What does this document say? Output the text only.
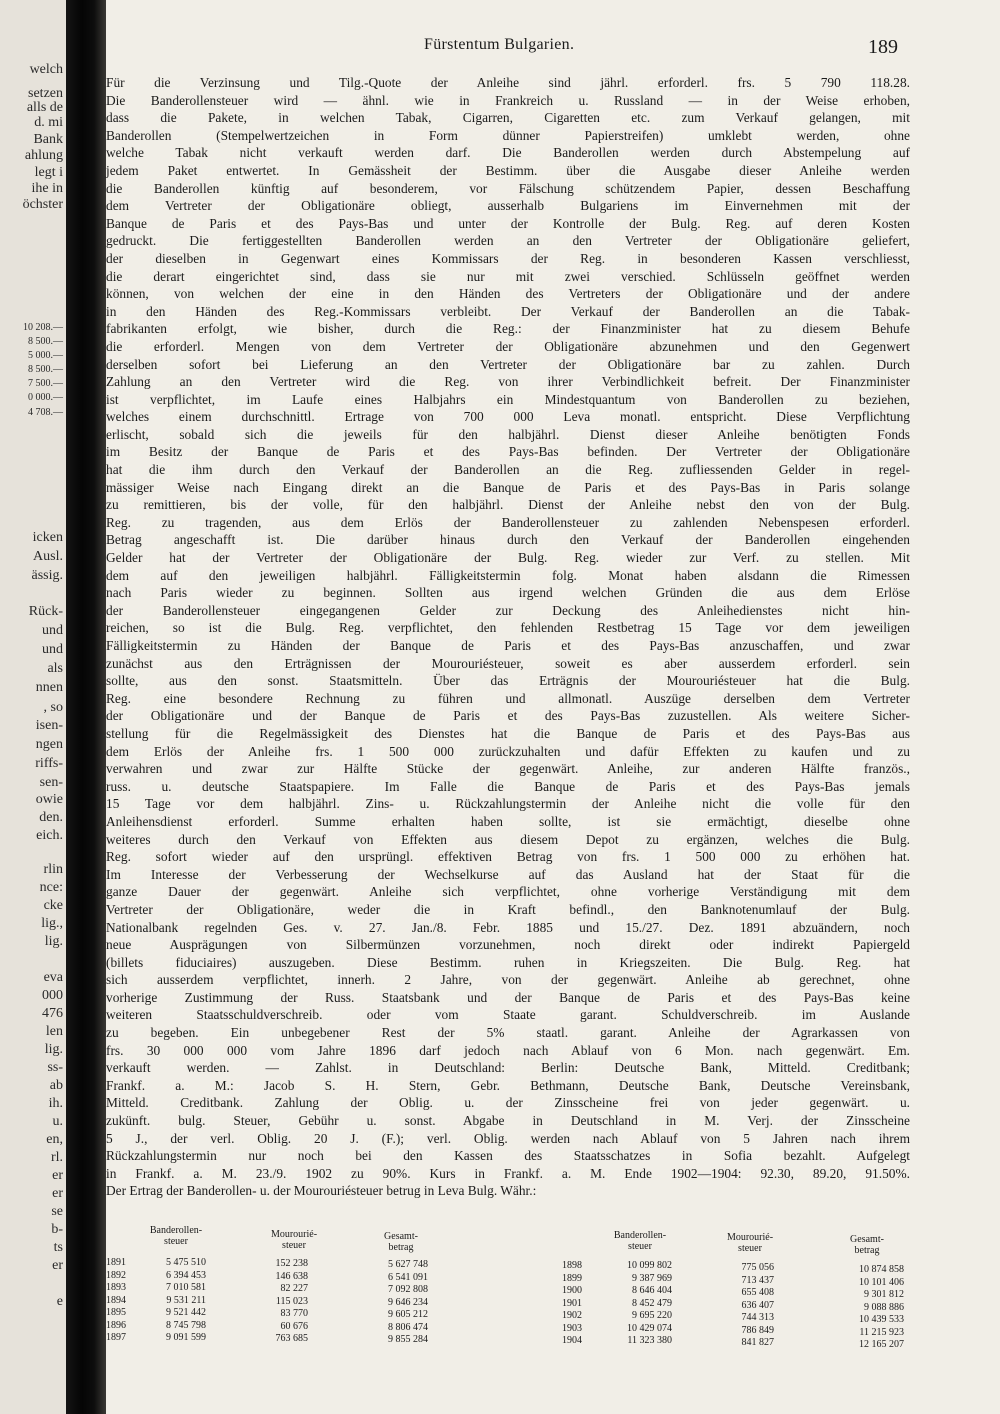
welch
setzen
alls de
d. mi
Bank
ahlung
legt i
ihe in
öchster
10 208.—
8 500.—
5 000.—
8 500.—
7 500.—
0 000.—
4 708.—
icken
Ausl.
ässig.
Rück-
und
und
als
nnen
, so
isen-
ngen
riffs-
sen-
owie
den.
eich.
rlin
nce:
cke
lig.,
lig.
eva
000
476
len
lig.
ss-
ab
ih.
u.
en,
rl.
er
er
se
b-
ts
er
e
Fürstentum Bulgarien.	189
Für die Verzinsung und Tilg.-Quote der Anleihe sind jährl. erforderl. frs. 5 790 118.28.
Die Banderollensteuer wird — ähnl. wie in Frankreich u. Russland — in der Weise erhoben,
dass die Pakete, in welchen Tabak, Cigarren, Cigaretten etc. zum Verkauf gelangen, mit
Banderollen (Stempelwertzeichen in Form dünner Papierstreifen) umklebt werden, ohne
welche Tabak nicht verkauft werden darf. Die Banderollen werden durch Abstempelung auf
jedem Paket entwertet. In Gemässheit der Bestimm. über die Ausgabe dieser Anleihe werden
die Banderollen künftig auf besonderem, vor Fälschung schützendem Papier, dessen Beschaffung
dem Vertreter der Obligationäre obliegt, ausserhalb Bulgariens im Einvernehmen mit der
Banque de Paris et des Pays-Bas und unter der Kontrolle der Bulg. Reg. auf deren Kosten
gedruckt. Die fertiggestellten Banderollen werden an den Vertreter der Obligationäre geliefert,
der dieselben in Gegenwart eines Kommissars der Reg. in besonderen Kassen verschliesst,
die derart eingerichtet sind, dass sie nur mit zwei verschied. Schlüsseln geöffnet werden
können, von welchen der eine in den Händen des Vertreters der Obligationäre und der andere
in den Händen des Reg.-Kommissars verbleibt. Der Verkauf der Banderollen an die Tabak-
fabrikanten erfolgt, wie bisher, durch die Reg.: der Finanzminister hat zu diesem Behufe
die erforderl. Mengen von dem Vertreter der Obligationäre abzunehmen und den Gegenwert
derselben sofort bei Lieferung an den Vertreter der Obligationäre bar zu zahlen. Durch
Zahlung an den Vertreter wird die Reg. von ihrer Verbindlichkeit befreit. Der Finanzminister
ist verpflichtet, im Laufe eines Halbjahrs ein Mindestquantum von Banderollen zu beziehen,
welches einem durchschnittl. Ertrage von 700 000 Leva monatl. entspricht. Diese Verpflichtung
erlischt, sobald sich die jeweils für den halbjährl. Dienst dieser Anleihe benötigten Fonds
im Besitz der Banque de Paris et des Pays-Bas befinden. Der Vertreter der Obligationäre
hat die ihm durch den Verkauf der Banderollen an die Reg. zufliessenden Gelder in regel-
mässiger Weise nach Eingang direkt an die Banque de Paris et des Pays-Bas in Paris solange
zu remittieren, bis der volle, für den halbjährl. Dienst der Anleihe nebst den von der Bulg.
Reg. zu tragenden, aus dem Erlös der Banderollensteuer zu zahlenden Nebenspesen erforderl.
Betrag angeschafft ist. Die darüber hinaus durch den Verkauf der Banderollen eingehenden
Gelder hat der Vertreter der Obligationäre der Bulg. Reg. wieder zur Verf. zu stellen. Mit
dem auf den jeweiligen halbjährl. Fälligkeitstermin folg. Monat haben alsdann die Rimessen
nach Paris wieder zu beginnen. Sollten aus irgend welchen Gründen die aus dem Erlöse
der Banderollensteuer eingegangenen Gelder zur Deckung des Anleihedienstes nicht hin-
reichen, so ist die Bulg. Reg. verpflichtet, den fehlenden Restbetrag 15 Tage vor dem jeweiligen
Fälligkeitstermin zu Händen der Banque de Paris et des Pays-Bas anzuschaffen, und zwar
zunächst aus den Erträgnissen der Mourouriésteuer, soweit es aber ausserdem erforderl. sein
sollte, aus den sonst. Staatsmitteln. Über das Erträgnis der Mourouriésteuer hat die Bulg.
Reg. eine besondere Rechnung zu führen und allmonatl. Auszüge derselben dem Vertreter
der Obligationäre und der Banque de Paris et des Pays-Bas zuzustellen. Als weitere Sicher-
stellung für die Regelmässigkeit des Dienstes hat die Banque de Paris et des Pays-Bas aus
dem Erlös der Anleihe frs. 1 500 000 zurückzuhalten und dafür Effekten zu kaufen und zu
verwahren und zwar zur Hälfte Stücke der gegenwärt. Anleihe, zur anderen Hälfte französ.,
russ. u. deutsche Staatspapiere. Im Falle die Banque de Paris et des Pays-Bas jemals
15 Tage vor dem halbjährl. Zins- u. Rückzahlungstermin der Anleihe nicht die volle für den
Anleihensdienst erforderl. Summe erhalten haben sollte, ist sie ermächtigt, dieselbe ohne
weiteres durch den Verkauf von Effekten aus diesem Depot zu ergänzen, welches die Bulg.
Reg. sofort wieder auf den ursprüngl. effektiven Betrag von frs. 1 500 000 zu erhöhen hat.
Im Interesse der Verbesserung der Wechselkurse auf das Ausland hat der Staat für die
ganze Dauer der gegenwärt. Anleihe sich verpflichtet, ohne vorherige Verständigung mit dem
Vertreter der Obligationäre, weder die in Kraft befindl., den Banknotenumlauf der Bulg.
Nationalbank regelnden Ges. v. 27. Jan./8. Febr. 1885 und 15./27. Dez. 1891 abzuändern, noch
neue Ausprägungen von Silbermünzen vorzunehmen, noch direkt oder indirekt Papiergeld
(billets fiduciaires) auszugeben. Diese Bestimm. ruhen in Kriegszeiten. Die Bulg. Reg. hat
sich ausserdem verpflichtet, innerh. 2 Jahre, von der gegenwärt. Anleihe ab gerechnet, ohne
vorherige Zustimmung der Russ. Staatsbank und der Banque de Paris et des Pays-Bas keine
weiteren Staatsschuldverschreib. oder vom Staate garant. Schuldverschreib. im Auslande
zu begeben. Ein unbegebener Rest der 5% staatl. garant. Anleihe der Agrarkassen von
frs. 30 000 000 vom Jahre 1896 darf jedoch nach Ablauf von 6 Mon. nach gegenwärt. Em.
verkauft werden. — Zahlst. in Deutschland: Berlin: Deutsche Bank, Mitteld. Creditbank;
Frankf. a. M.: Jacob S. H. Stern, Gebr. Bethmann, Deutsche Bank, Deutsche Vereinsbank,
Mitteld. Creditbank. Zahlung der Oblig. u. der Zinsscheine frei von jeder gegenwärt. u.
zukünft. bulg. Steuer, Gebühr u. sonst. Abgabe in Deutschland in M. Verj. der Zinsscheine
5 J., der verl. Oblig. 20 J. (F.); verl. Oblig. werden nach Ablauf von 5 Jahren nach ihrem
Rückzahlungstermin nur noch bei den Kassen des Staatsschatzes in Sofia bezahlt. Aufgelegt
in Frankf. a. M. 23./9. 1902 zu 90%. Kurs in Frankf. a. M. Ende 1902—1904: 92.30, 89.20, 91.50%.
Der Ertrag der Banderollen- u. der Mourouriésteuer betrug in Leva Bulg. Währ.:
Banderollen-
steuer
Mourourié-
steuer
Gesamt-
betrag
1891
1892
1893
1894
1895
1896
1897
5 475 510
6 394 453
7 010 581
9 531 211
9 521 442
8 745 798
9 091 599
152 238
146 638
82 227
115 023
83 770
60 676
763 685
5 627 748
6 541 091
7 092 808
9 646 234
9 605 212
8 806 474
9 855 284
Banderollen-
steuer
Mourourié-
steuer
Gesamt-
betrag
1898
1899
1900
1901
1902
1903
1904
10 099 802
9 387 969
8 646 404
8 452 479
9 695 220
10 429 074
11 323 380
775 056
713 437
655 408
636 407
744 313
786 849
841 827
10 874 858
10 101 406
9 301 812
9 088 886
10 439 533
11 215 923
12 165 207
